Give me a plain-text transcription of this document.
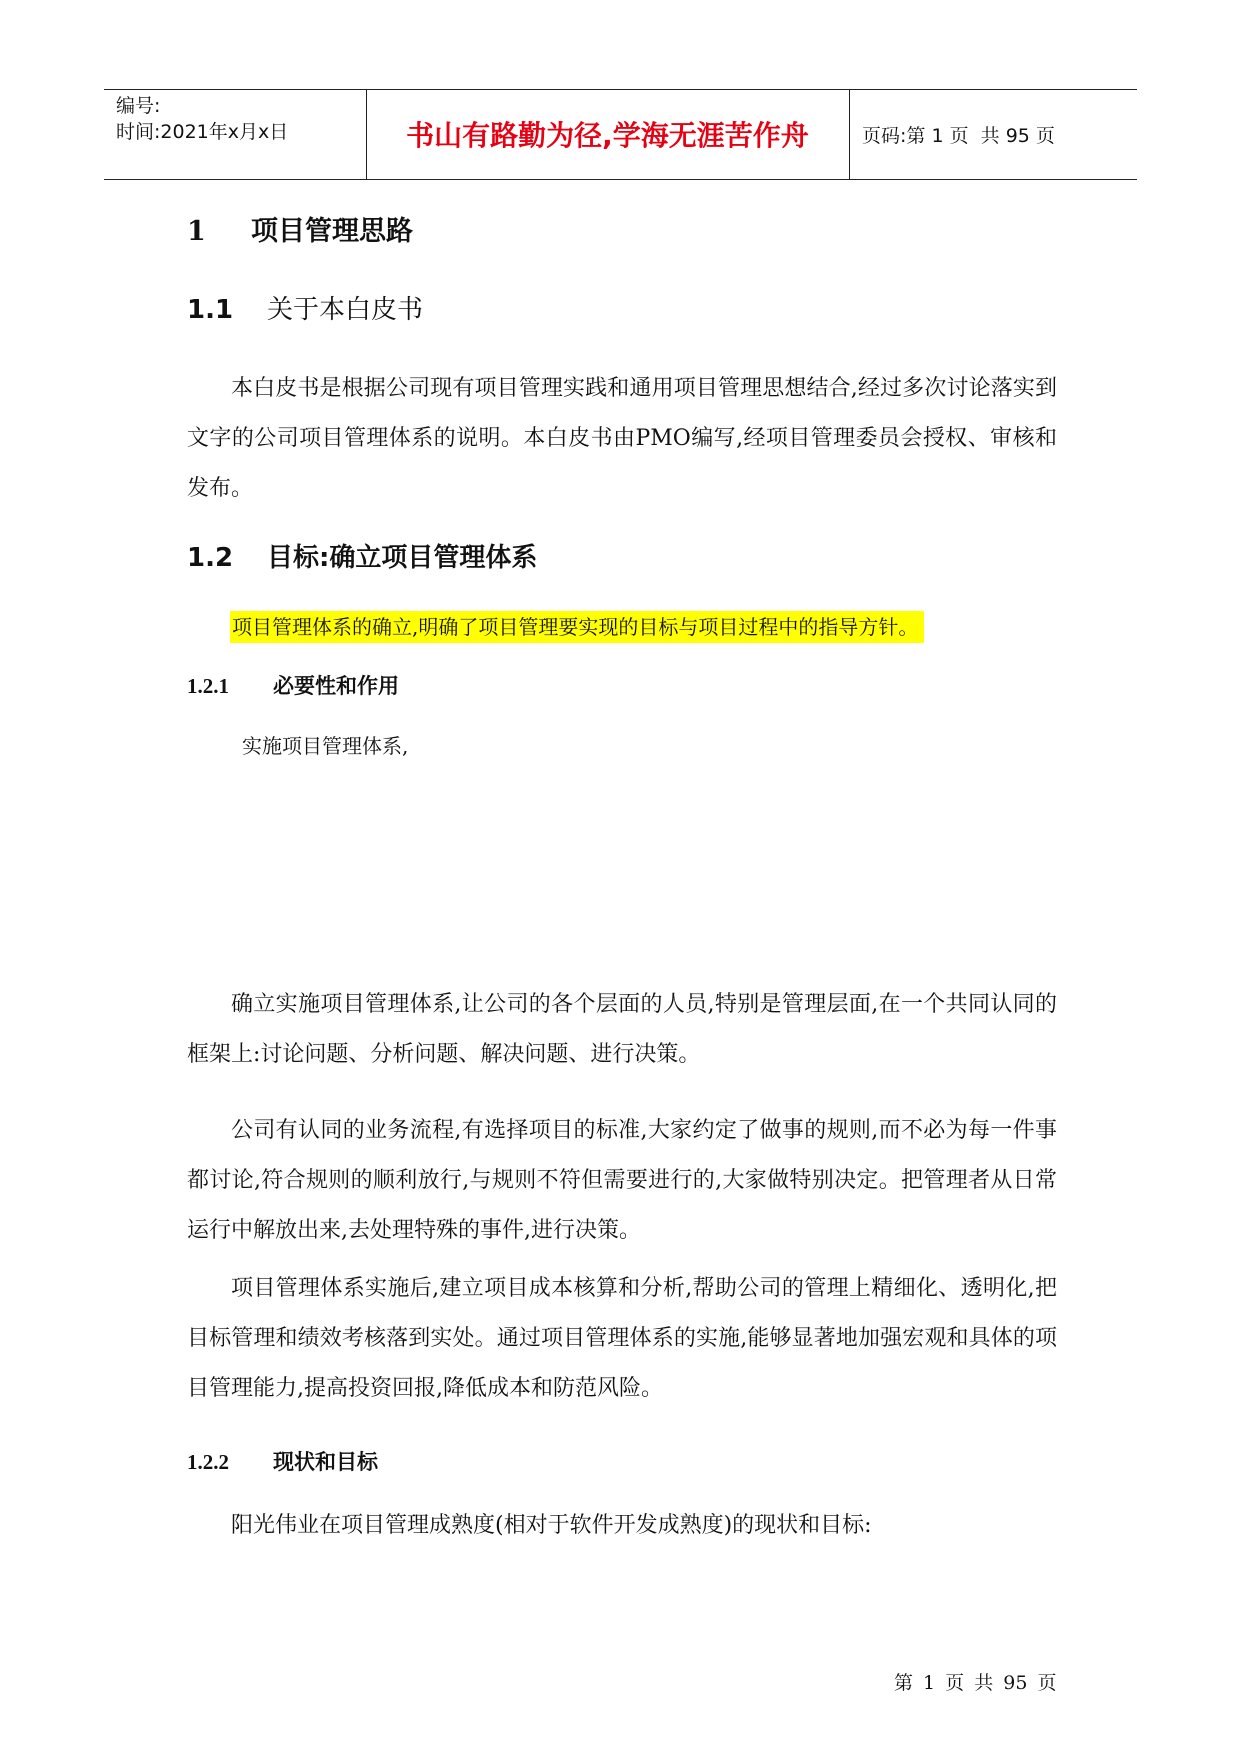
编号:
时间:2021年x月x日	书山有路勤为径,学海无涯苦作舟	页码:第 1 页  共 95 页
1 项目管理思路
1.1 关于本白皮书

本白皮书是根据公司现有项目管理实践和通用项目管理思想结合,经过多次讨论落实到文字的公司项目管理体系的说明。本白皮书由PMO编写,经项目管理委员会授权、审核和发布。

1.2 目标:确立项目管理体系
项目管理体系的确立,明确了项目管理要实现的目标与项目过程中的指导方针。
1.2.1 必要性和作用
实施项目管理体系,

确立实施项目管理体系,让公司的各个层面的人员,特别是管理层面,在一个共同认同的框架上:讨论问题、分析问题、解决问题、进行决策。

公司有认同的业务流程,有选择项目的标准,大家约定了做事的规则,而不必为每一件事都讨论,符合规则的顺利放行,与规则不符但需要进行的,大家做特别决定。把管理者从日常运行中解放出来,去处理特殊的事件,进行决策。

项目管理体系实施后,建立项目成本核算和分析,帮助公司的管理上精细化、透明化,把目标管理和绩效考核落到实处。通过项目管理体系的实施,能够显著地加强宏观和具体的项目管理能力,提高投资回报,降低成本和防范风险。

1.2.2 现状和目标

阳光伟业在项目管理成熟度(相对于软件开发成熟度)的现状和目标:

第 1 页 共 95 页
